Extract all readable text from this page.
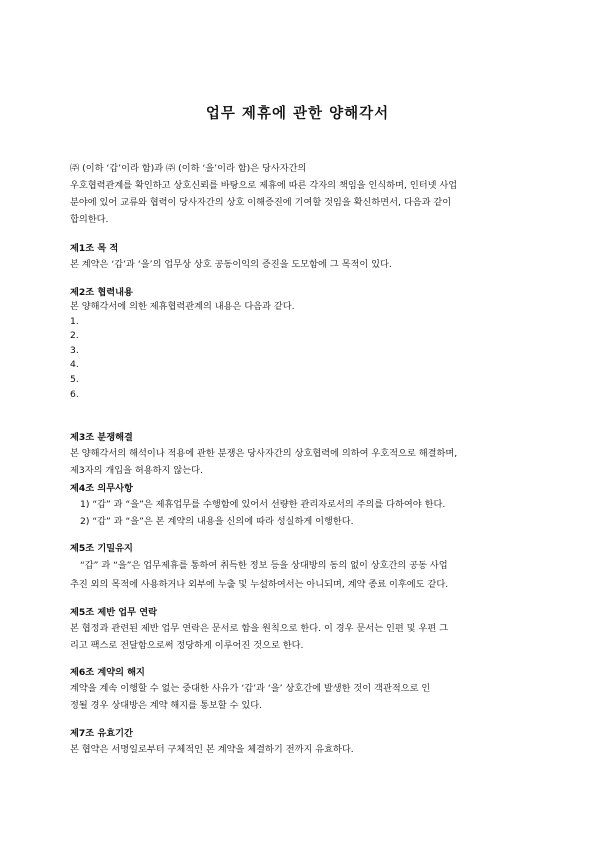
업무 제휴에 관한 양해각서

㈜ (이하 ‘갑’이라 함)과 ㈜ (이하 ‘을’이라 함)은 당사자간의
우호협력관계를 확인하고 상호신뢰를 바탕으로 제휴에 따른 각자의 책임을 인식하며, 인터넷 사업
분야에 있어 교류와 협력이 당사자간의 상호 이해증진에 기여할 것임을 확신하면서, 다음과 같이
합의한다.

제1조 목 적

본 계약은 ‘갑’과 ‘을’의 업무상 상호 공동이익의 증진을 도모함에 그 목적이 있다.

제2조 협력내용

본 양해각서에 의한 제휴협력관계의 내용은 다음과 같다.
1.
2.
3.
4.
5.
6.

제3조 분쟁해결

본 양해각서의 해석이나 적용에 관한 분쟁은 당사자간의 상호협력에 의하여 우호적으로 해결하며,
제3자의 개입을 허용하지 않는다.

제4조 의무사항

1) “갑” 과 “을”은 제휴업무를 수행함에 있어서 선량한 관리자로서의 주의를 다하여야 한다.
2) “갑” 과 “을”은 본 계약의 내용을 신의에 따라 성실하게 이행한다.

제5조 기밀유지

“갑” 과 “을”은 업무제휴를 통하여 취득한 정보 등을 상대방의 동의 없이 상호간의 공동 사업
추진 외의 목적에 사용하거나 외부에 누출 및 누설하여서는 아니되며, 계약 종료 이후에도 같다.

제5조 제반 업무 연락

본 협정과 관련된 제반 업무 연락은 문서로 함을 원칙으로 한다. 이 경우 문서는 인편 및 우편 그
리고 팩스로 전달함으로써 정당하게 이루어진 것으로 한다.

제6조 계약의 해지

계약을 계속 이행할 수 없는 중대한 사유가 ‘갑’과 ‘을’ 상호간에 발생한 것이 객관적으로 인
정될 경우 상대방은 계약 해지를 통보할 수 있다.

제7조 유효기간

본 협약은 서명일로부터 구체적인 본 계약을 체결하기 전까지 유효하다.
